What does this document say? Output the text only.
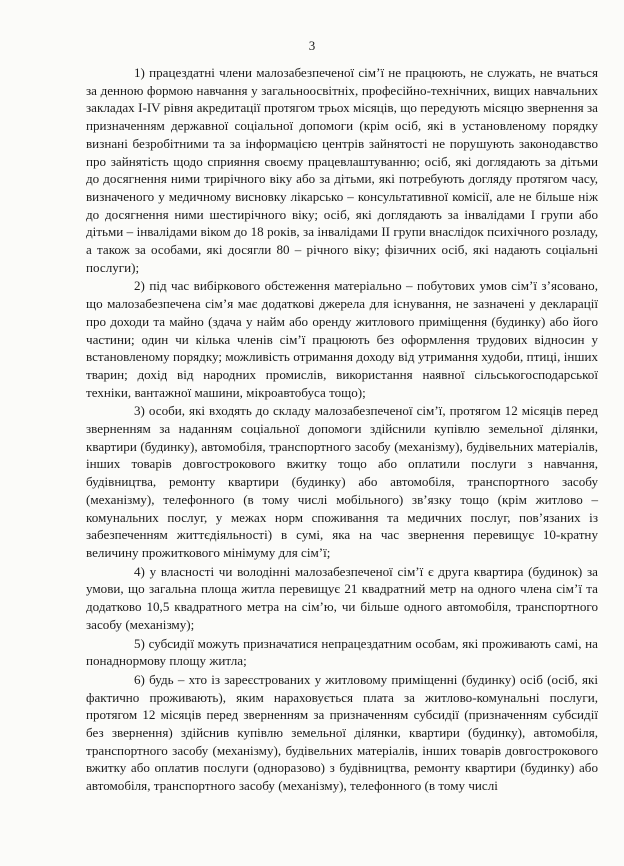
3

1) працездатні члени малозабезпеченої сім’ї не працюють, не служать, не вчаться за денною формою навчання у загальноосвітніх, професійно-технічних, вищих навчальних закладах І-ІV рівня акредитації протягом трьох місяців, що передують місяцю звернення за призначенням державної соціальної допомоги (крім осіб, які в установленому порядку визнані безробітними та за інформацією центрів зайнятості не порушують законодавство про зайнятість щодо сприяння своєму працевлаштуванню; осіб, які доглядають за дітьми до досягнення ними трирічного віку або за дітьми, які потребують догляду протягом часу, визначеного у медичному висновку лікарсько – консультативної комісії, але не більше ніж до досягнення ними шестирічного віку; осіб, які доглядають за інвалідами І групи або дітьми – інвалідами віком до 18 років, за інвалідами ІІ групи внаслідок психічного розладу, а також за особами, які досягли 80 – річного віку; фізичних осіб, які надають соціальні послуги);

2) під час вибіркового обстеження матеріально – побутових умов сім’ї з’ясовано, що малозабезпечена сім’я має додаткові джерела для існування, не зазначені у декларації про доходи та майно (здача у найм або оренду житлового приміщення (будинку) або його частини; один чи кілька членів сім’ї працюють без оформлення трудових відносин у встановленому порядку; можливість отримання доходу від утримання худоби, птиці, інших тварин; дохід від народних промислів, використання наявної сільськогосподарської техніки, вантажної машини, мікроавтобуса тощо);

3) особи, які входять до складу малозабезпеченої сім’ї, протягом 12 місяців перед зверненням за наданням соціальної допомоги здійснили купівлю земельної ділянки, квартири (будинку), автомобіля, транспортного засобу (механізму), будівельних матеріалів, інших товарів довгострокового вжитку тощо або оплатили послуги з навчання, будівництва, ремонту квартири (будинку) або автомобіля, транспортного засобу (механізму), телефонного (в тому числі мобільного) зв’язку тощо (крім житлово – комунальних послуг, у межах норм споживання та медичних послуг, пов’язаних із забезпеченням життєдіяльності) в сумі, яка на час звернення перевищує 10-кратну величину прожиткового мінімуму для сім’ї;

4) у власності чи володінні малозабезпеченої сім’ї є друга квартира (будинок) за умови, що загальна площа житла перевищує 21 квадратний метр на одного члена сім’ї та додатково 10,5 квадратного метра на сім’ю, чи більше одного автомобіля, транспортного засобу (механізму);

5) субсидії можуть призначатися непрацездатним особам, які проживають самі, на понаднормову площу житла;

6) будь – хто із зареєстрованих у житловому приміщенні (будинку) осіб (осіб, які фактично проживають), яким нараховується плата за житлово-комунальні послуги, протягом 12 місяців перед зверненням за призначенням субсидії (призначенням субсидії без звернення) здійснив купівлю земельної ділянки, квартири (будинку), автомобіля, транспортного засобу (механізму), будівельних матеріалів, інших товарів довгострокового вжитку або оплатив послуги (одноразово) з будівництва, ремонту квартири (будинку) або автомобіля, транспортного засобу (механізму), телефонного (в тому числі
